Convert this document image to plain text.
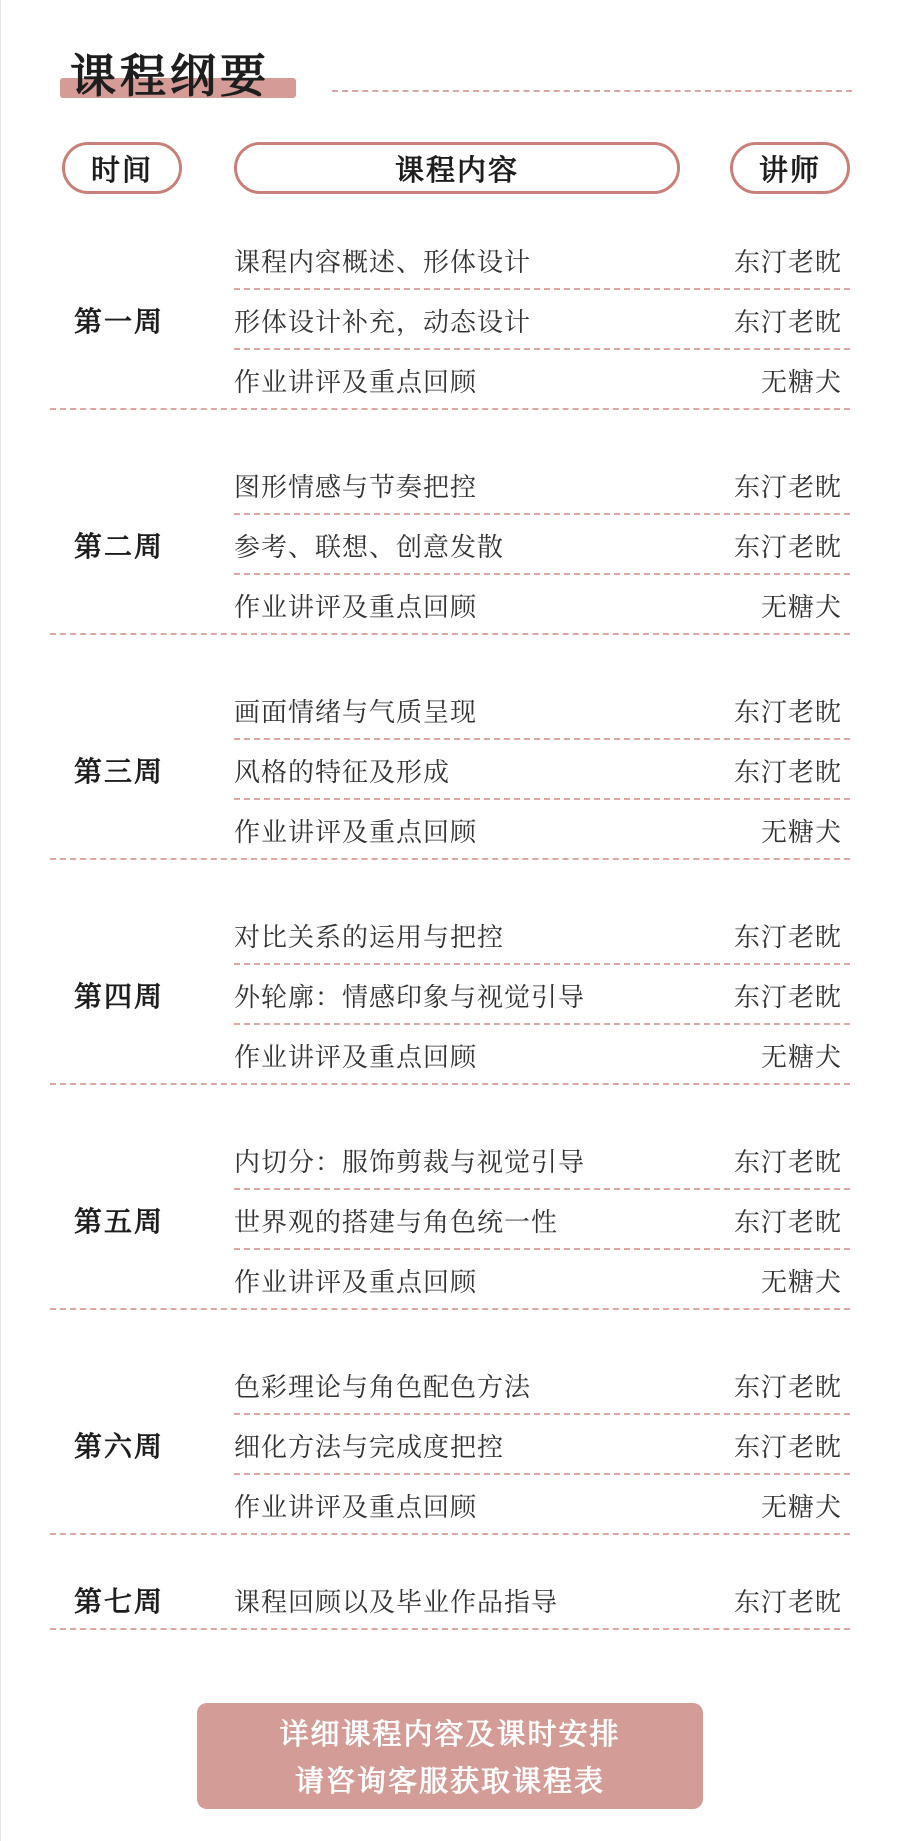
课程纲要
时间	课程内容	讲师
第一周
课程内容概述、形体设计	东汀老眈
形体设计补充，动态设计	东汀老眈
作业讲评及重点回顾	无糖犬
第二周
图形情感与节奏把控	东汀老眈
参考、联想、创意发散	东汀老眈
作业讲评及重点回顾	无糖犬
第三周
画面情绪与气质呈现	东汀老眈
风格的特征及形成	东汀老眈
作业讲评及重点回顾	无糖犬
第四周
对比关系的运用与把控	东汀老眈
外轮廓：情感印象与视觉引导	东汀老眈
作业讲评及重点回顾	无糖犬
第五周
内切分：服饰剪裁与视觉引导	东汀老眈
世界观的搭建与角色统一性	东汀老眈
作业讲评及重点回顾	无糖犬
第六周
色彩理论与角色配色方法	东汀老眈
细化方法与完成度把控	东汀老眈
作业讲评及重点回顾	无糖犬
第七周	课程回顾以及毕业作品指导	东汀老眈
详细课程内容及课时安排
请咨询客服获取课程表
